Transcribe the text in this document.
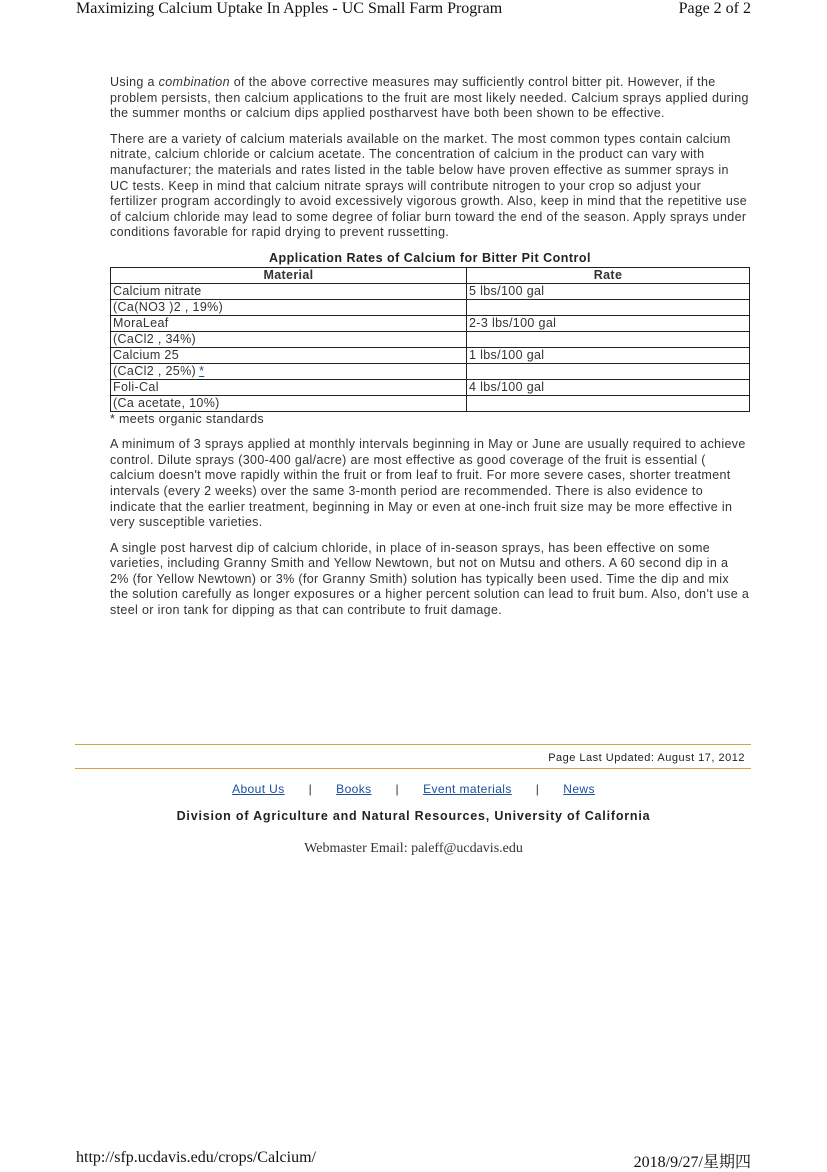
Maximizing Calcium Uptake In Apples - UC Small Farm Program	Page 2 of 2

Using a combination of the above corrective measures may sufficiently control bitter pit. However, if the problem persists, then calcium applications to the fruit are most likely needed. Calcium sprays applied during the summer months or calcium dips applied postharvest have both been shown to be effective.

There are a variety of calcium materials available on the market. The most common types contain calcium nitrate, calcium chloride or calcium acetate. The concentration of calcium in the product can vary with manufacturer; the materials and rates listed in the table below have proven effective as summer sprays in UC tests. Keep in mind that calcium nitrate sprays will contribute nitrogen to your crop so adjust your fertilizer program accordingly to avoid excessively vigorous growth. Also, keep in mind that the repetitive use of calcium chloride may lead to some degree of foliar burn toward the end of the season. Apply sprays under conditions favorable for rapid drying to prevent russetting.

Application Rates of Calcium for Bitter Pit Control
Material	Rate
Calcium nitrate	5 lbs/100 gal
(Ca(NO3 )2 , 19%)	
MoraLeaf	2-3 lbs/100 gal
(CaCl2 , 34%)	
Calcium 25	1 lbs/100 gal
(CaCl2 , 25%) *	
Foli-Cal	4 lbs/100 gal
(Ca acetate, 10%)	

* meets organic standards

A minimum of 3 sprays applied at monthly intervals beginning in May or June are usually required to achieve control. Dilute sprays (300-400 gal/acre) are most effective as good coverage of the fruit is essential ( calcium doesn't move rapidly within the fruit or from leaf to fruit. For more severe cases, shorter treatment intervals (every 2 weeks) over the same 3-month period are recommended. There is also evidence to indicate that the earlier treatment, beginning in May or even at one-inch fruit size may be more effective in very susceptible varieties.

A single post harvest dip of calcium chloride, in place of in-season sprays, has been effective on some varieties, including Granny Smith and Yellow Newtown, but not on Mutsu and others. A 60 second dip in a 2% (for Yellow Newtown) or 3% (for Granny Smith) solution has typically been used. Time the dip and mix the solution carefully as longer exposures or a higher percent solution can lead to fruit bum. Also, don't use a steel or iron tank for dipping as that can contribute to fruit damage.

Page Last Updated: August 17, 2012
About Us | Books | Event materials | News
Division of Agriculture and Natural Resources, University of California
Webmaster Email: paleff@ucdavis.edu
http://sfp.ucdavis.edu/crops/Calcium/	2018/9/27/星期四
